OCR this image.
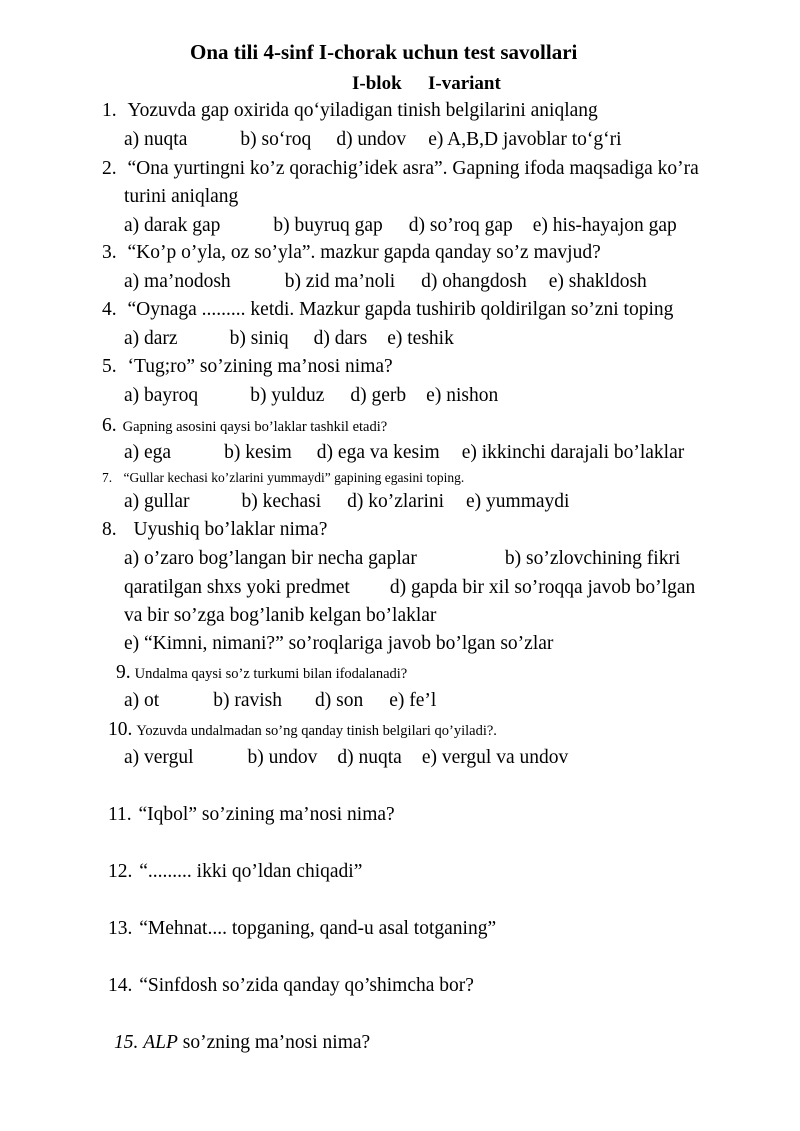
Ona tili 4-sinf I-chorak uchun test savollari
I-blok I-variant
1. Yozuvda gap oxirida qo‘yiladigan tinish belgilarini aniqlang
a) nuqta	b) so‘roq d) undov e) A,B,D javoblar to‘g‘ri
2. “Ona yurtingni ko’z qorachig’idek asra”. Gapning ifoda maqsadiga ko’ra
turini aniqlang
a) darak gap	b) buyruq gap d) so’roq gap e) his-hayajon gap
3. “Ko’p o’yla, oz so’yla”. mazkur gapda qanday so’z mavjud?
a) ma’nodosh	b) zid ma’noli d) ohangdosh e) shakldosh
4. “Oynaga ......... ketdi. Mazkur gapda tushirib qoldirilgan so’zni toping
a) darz	b) siniq d) dars e) teshik
5. ‘Tug;ro” so’zining ma’nosi nima?
a) bayroq	b) yulduz d) gerb e) nishon
6. Gapning asosini qaysi bo’laklar tashkil etadi?
a) ega	b) kesim d) ega va kesim e) ikkinchi darajali bo’laklar
7. “Gullar kechasi ko’zlarini yummaydi” gapining egasini toping.
a) gullar	b) kechasi d) ko’zlarini e) yummaydi
8. Uyushiq bo’laklar nima?
a) o’zaro bog’langan bir necha gaplar	b) so’zlovchining fikri
qaratilgan shxs yoki predmet d) gapda bir xil so’roqqa javob bo’lgan
va bir so’zga bog’lanib kelgan bo’laklar
e) “Kimni, nimani?” so’roqlariga javob bo’lgan so’zlar
9. Undalma qaysi so’z turkumi bilan ifodalanadi?
a) ot	b) ravish d) son e) fe’l
10. Yozuvda undalmadan so’ng qanday tinish belgilari qo’yiladi?.
a) vergul	b) undov d) nuqta e) vergul va undov
11. “Iqbol” so’zining ma’nosi nima?
12. “......... ikki qo’ldan chiqadi”
13. “Mehnat.... topganing, qand-u asal totganing”
14. “Sinfdosh so’zida qanday qo’shimcha bor?
15. ALP so’zning ma’nosi nima?
